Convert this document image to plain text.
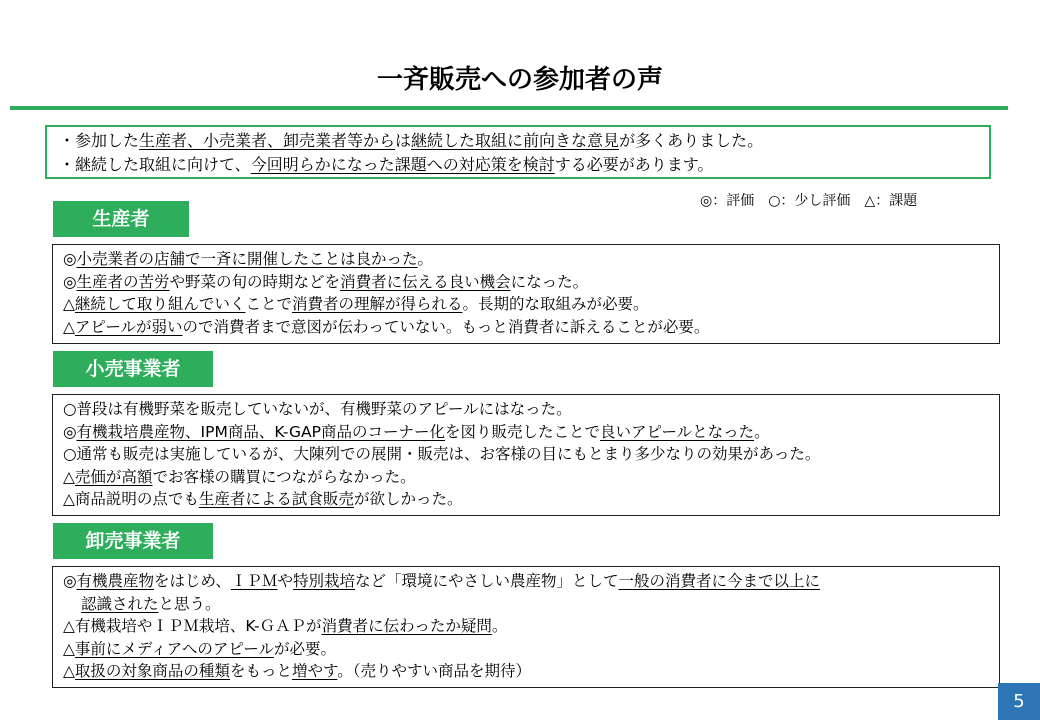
一斉販売への参加者の声
・参加した生産者、小売業者、卸売業者等からは継続した取組に前向きな意見が多くありました。
・継続した取組に向けて、今回明らかになった課題への対応策を検討する必要があります。
◎：評価　○：少し評価　△：課題
生産者
◎小売業者の店舗で一斉に開催したことは良かった。
◎生産者の苦労や野菜の旬の時期などを消費者に伝える良い機会になった。
△継続して取り組んでいくことで消費者の理解が得られる。長期的な取組みが必要。
△アピールが弱いので消費者まで意図が伝わっていない。もっと消費者に訴えることが必要。
小売事業者
○普段は有機野菜を販売していないが、有機野菜のアピールにはなった。
◎有機栽培農産物、IPM商品、K-GAP商品のコーナー化を図り販売したことで良いアピールとなった。
○通常も販売は実施しているが、大陳列での展開・販売は、お客様の目にもとまり多少なりの効果があった。
△売価が高額でお客様の購買につながらなかった。
△商品説明の点でも生産者による試食販売が欲しかった。
卸売事業者
◎有機農産物をはじめ、ＩＰＭや特別栽培など「環境にやさしい農産物」として一般の消費者に今まで以上に
認識されたと思う。
△有機栽培やＩＰＭ栽培、K-ＧＡＰが消費者に伝わったか疑問。
△事前にメディアへのアピールが必要。
△取扱の対象商品の種類をもっと増やす。（売りやすい商品を期待）
5
